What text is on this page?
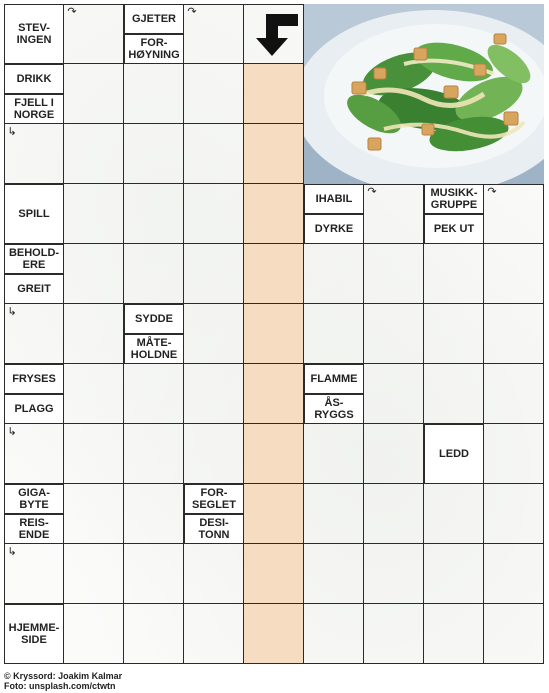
STEV-
INGEN
GJETER
FOR-
HØYNING
DRIKK
FJELL I
NORGE
SPILL
BEHOLD-
ERE
GREIT
SYDDE
MÅTE-
HOLDNE
FRYSES
PLAGG
GIGA-
BYTE
REIS-
ENDE
FOR-
SEGLET
DESI-
TONN
HJEMME-
SIDE
IHABIL
DYRKE
MUSIKK-
GRUPPE
PEK UT
FLAMME
ÅS-
RYGGS
LEDD
↷	↷
↷	↷
↳
↳
↳
↳
© Kryssord: Joakim Kalmar
Foto: unsplash.com/ctwtn
